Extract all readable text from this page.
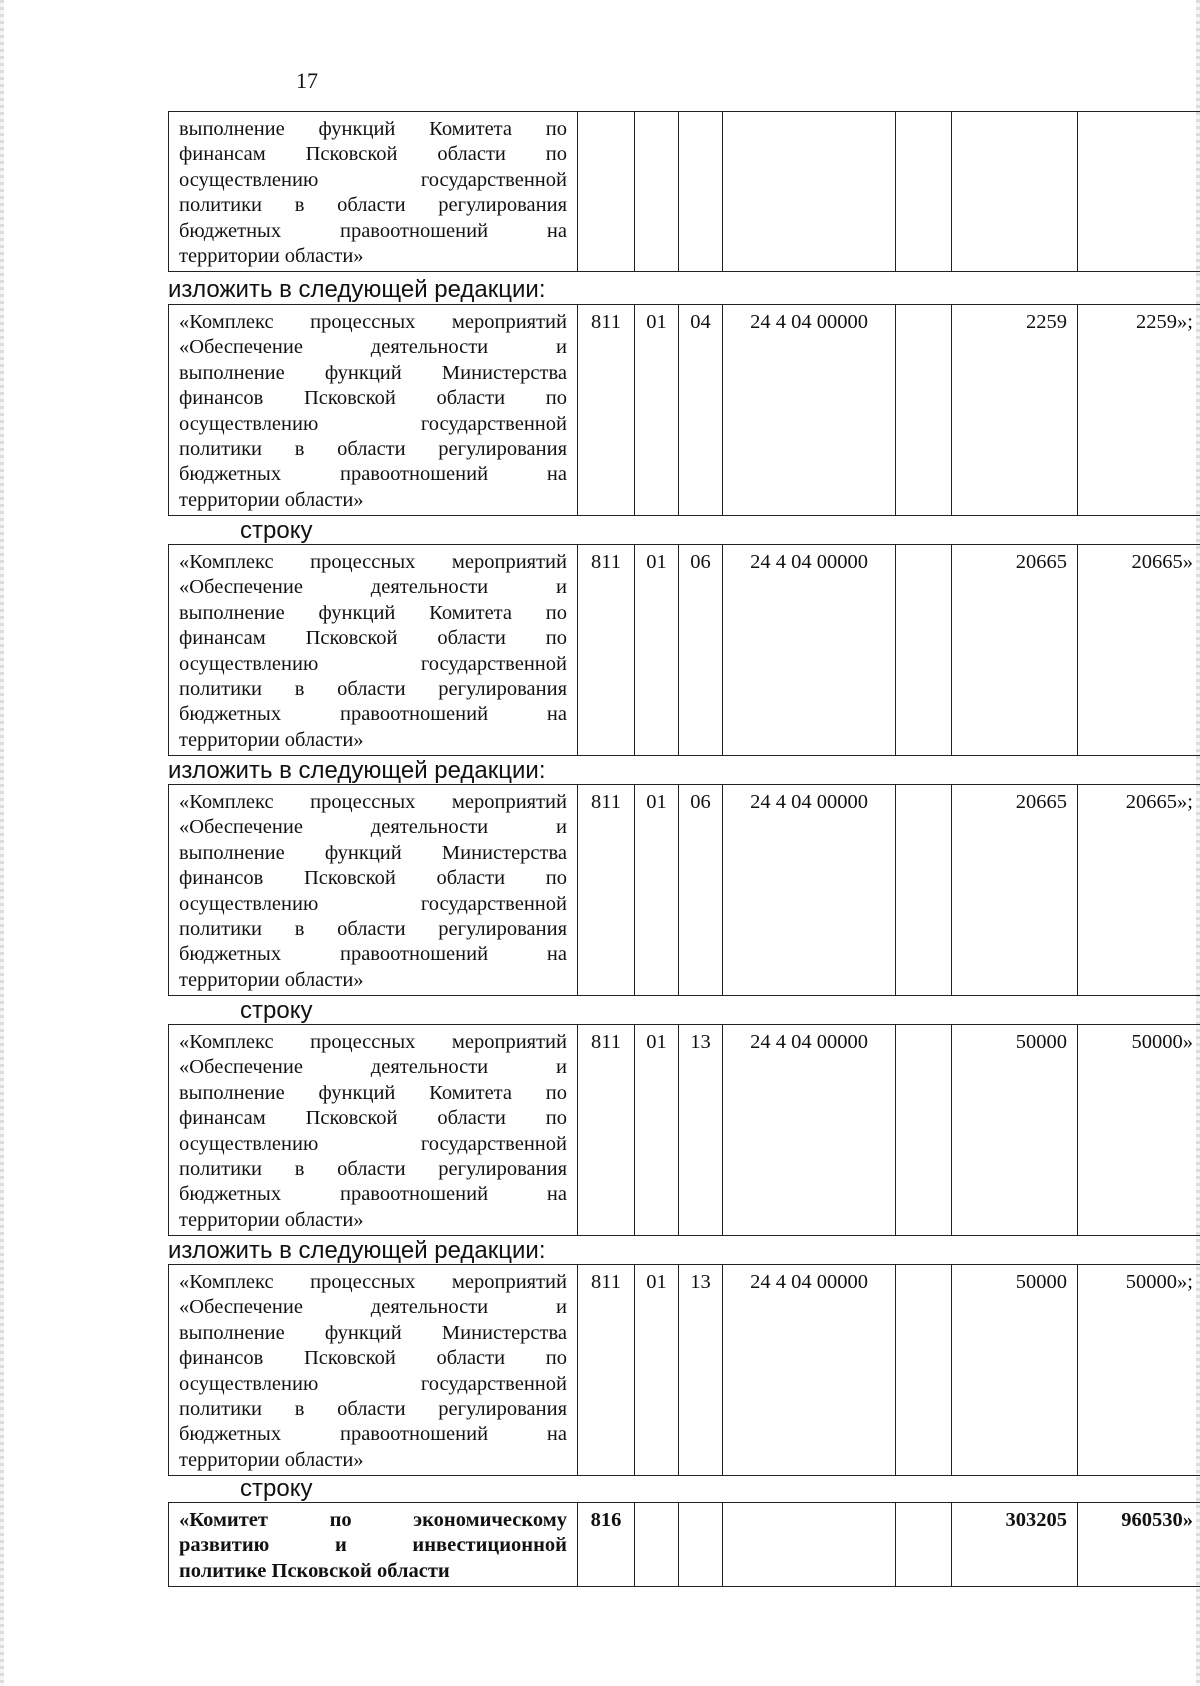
17
выполнение функций Комитета по
финансам Псковской области по
осуществлению государственной
политики в области регулирования
бюджетных правоотношений на
территории области»

изложить в следующей редакции:
«Комплекс процессных мероприятий
«Обеспечение деятельности и
выполнение функций Министерства
финансов Псковской области по
осуществлению государственной
политики в области регулирования
бюджетных правоотношений на
территории области»
	811	01	04	24 4 04 00000		2259	2259»;
строку
«Комплекс процессных мероприятий
«Обеспечение деятельности и
выполнение функций Комитета по
финансам Псковской области по
осуществлению государственной
политики в области регулирования
бюджетных правоотношений на
территории области»
	811	01	06	24 4 04 00000		20665	20665»
изложить в следующей редакции:
«Комплекс процессных мероприятий
«Обеспечение деятельности и
выполнение функций Министерства
финансов Псковской области по
осуществлению государственной
политики в области регулирования
бюджетных правоотношений на
территории области»
	811	01	06	24 4 04 00000		20665	20665»;
строку
«Комплекс процессных мероприятий
«Обеспечение деятельности и
выполнение функций Комитета по
финансам Псковской области по
осуществлению государственной
политики в области регулирования
бюджетных правоотношений на
территории области»
	811	01	13	24 4 04 00000		50000	50000»
изложить в следующей редакции:
«Комплекс процессных мероприятий
«Обеспечение деятельности и
выполнение функций Министерства
финансов Псковской области по
осуществлению государственной
политики в области регулирования
бюджетных правоотношений на
территории области»
	811	01	13	24 4 04 00000		50000	50000»;
строку
«Комитет по экономическому
развитию и инвестиционной
политике Псковской области
	816					303205	960530»
